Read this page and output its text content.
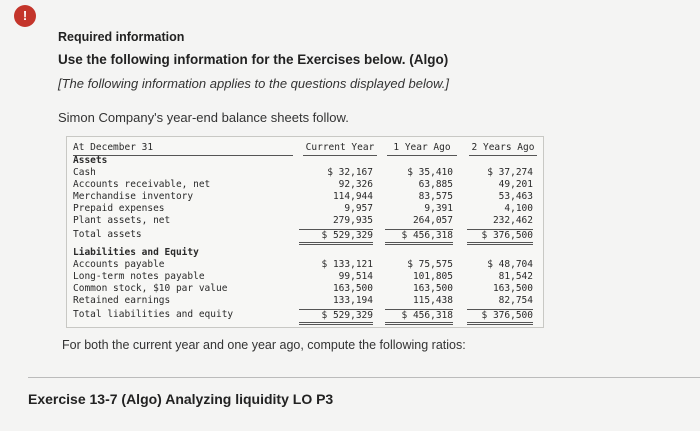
!
Required information
Use the following information for the Exercises below. (Algo)
[The following information applies to the questions displayed below.]
Simon Company's year-end balance sheets follow.
At December 31	Current Year	1 Year Ago	2 Years Ago
Assets
Cash	$ 32,167	$ 35,410	$ 37,274
Accounts receivable, net	92,326	63,885	49,201
Merchandise inventory	114,944	83,575	53,463
Prepaid expenses	9,957	9,391	4,100
Plant assets, net	279,935	264,057	232,462
Total assets	$ 529,329	$ 456,318	$ 376,500
Liabilities and Equity
Accounts payable	$ 133,121	$ 75,575	$ 48,704
Long-term notes payable	99,514	101,805	81,542
Common stock, $10 par value	163,500	163,500	163,500
Retained earnings	133,194	115,438	82,754
Total liabilities and equity	$ 529,329	$ 456,318	$ 376,500
For both the current year and one year ago, compute the following ratios:
Exercise 13-7 (Algo) Analyzing liquidity LO P3
